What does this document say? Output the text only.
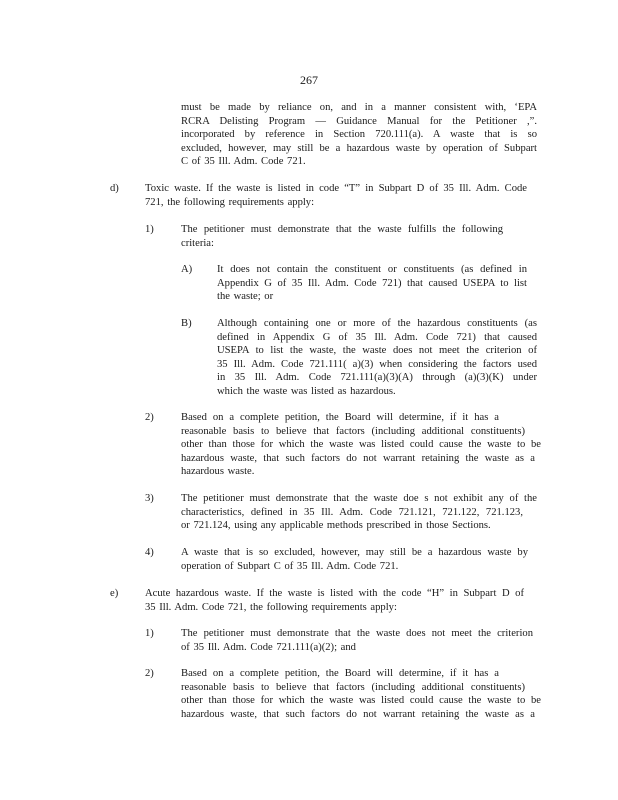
267
must be made by reliance on, and in a manner consistent with, ‘EPA
RCRA Delisting Program — Guidance Manual for the Petitioner ,”.
incorporated by reference in Section 720.111(a). A waste that is so
excluded, however, may still be a hazardous waste by operation of Subpart
C of 35 Ill. Adm. Code 721.
d) Toxic waste. If the waste is listed in code “T” in Subpart D of 35 Ill. Adm. Code
721, the following requirements apply:
1)	The petitioner must demonstrate that the waste fulfills the following
criteria:
A) It does not contain the constituent or constituents (as defined in
Appendix G of 35 Ill. Adm. Code 721) that caused USEPA to list
the waste; or
B) Although containing one or more of the hazardous constituents (as
defined in Appendix G of 35 Ill. Adm. Code 721) that caused
USEPA to list the waste, the waste does not meet the criterion of
35 Ill. Adm. Code 721.111( a)(3) when considering the factors used
in 35 Ill. Adm. Code 721.111(a)(3)(A) through (a)(3)(K) under
which the waste was listed as hazardous.
2)	Based on a complete petition, the Board will determine, if it has a
reasonable basis to believe that factors (including additional constituents)
other than those for which the waste was listed could cause the waste to be
hazardous waste, that such factors do not warrant retaining the waste as a
hazardous waste.
3)	The petitioner must demonstrate that the waste doe s not exhibit any of the
characteristics, defined in 35 Ill. Adm. Code 721.121, 721.122, 721.123,
or 721.124, using any applicable methods prescribed in those Sections.
4)	A waste that is so excluded, however, may still be a hazardous waste by
operation of Subpart C of 35 Ill. Adm. Code 721.
e)	Acute hazardous waste. If the waste is listed with the code “H” in Subpart D of
35 Ill. Adm. Code 721, the following requirements apply:
1)	The petitioner must demonstrate that the waste does not meet the criterion
of 35 Ill. Adm. Code 721.111(a)(2); and
2)	Based on a complete petition, the Board will determine, if it has a
reasonable basis to believe that factors (including additional constituents)
other than those for which the waste was listed could cause the waste to be
hazardous waste, that such factors do not warrant retaining the waste as a
